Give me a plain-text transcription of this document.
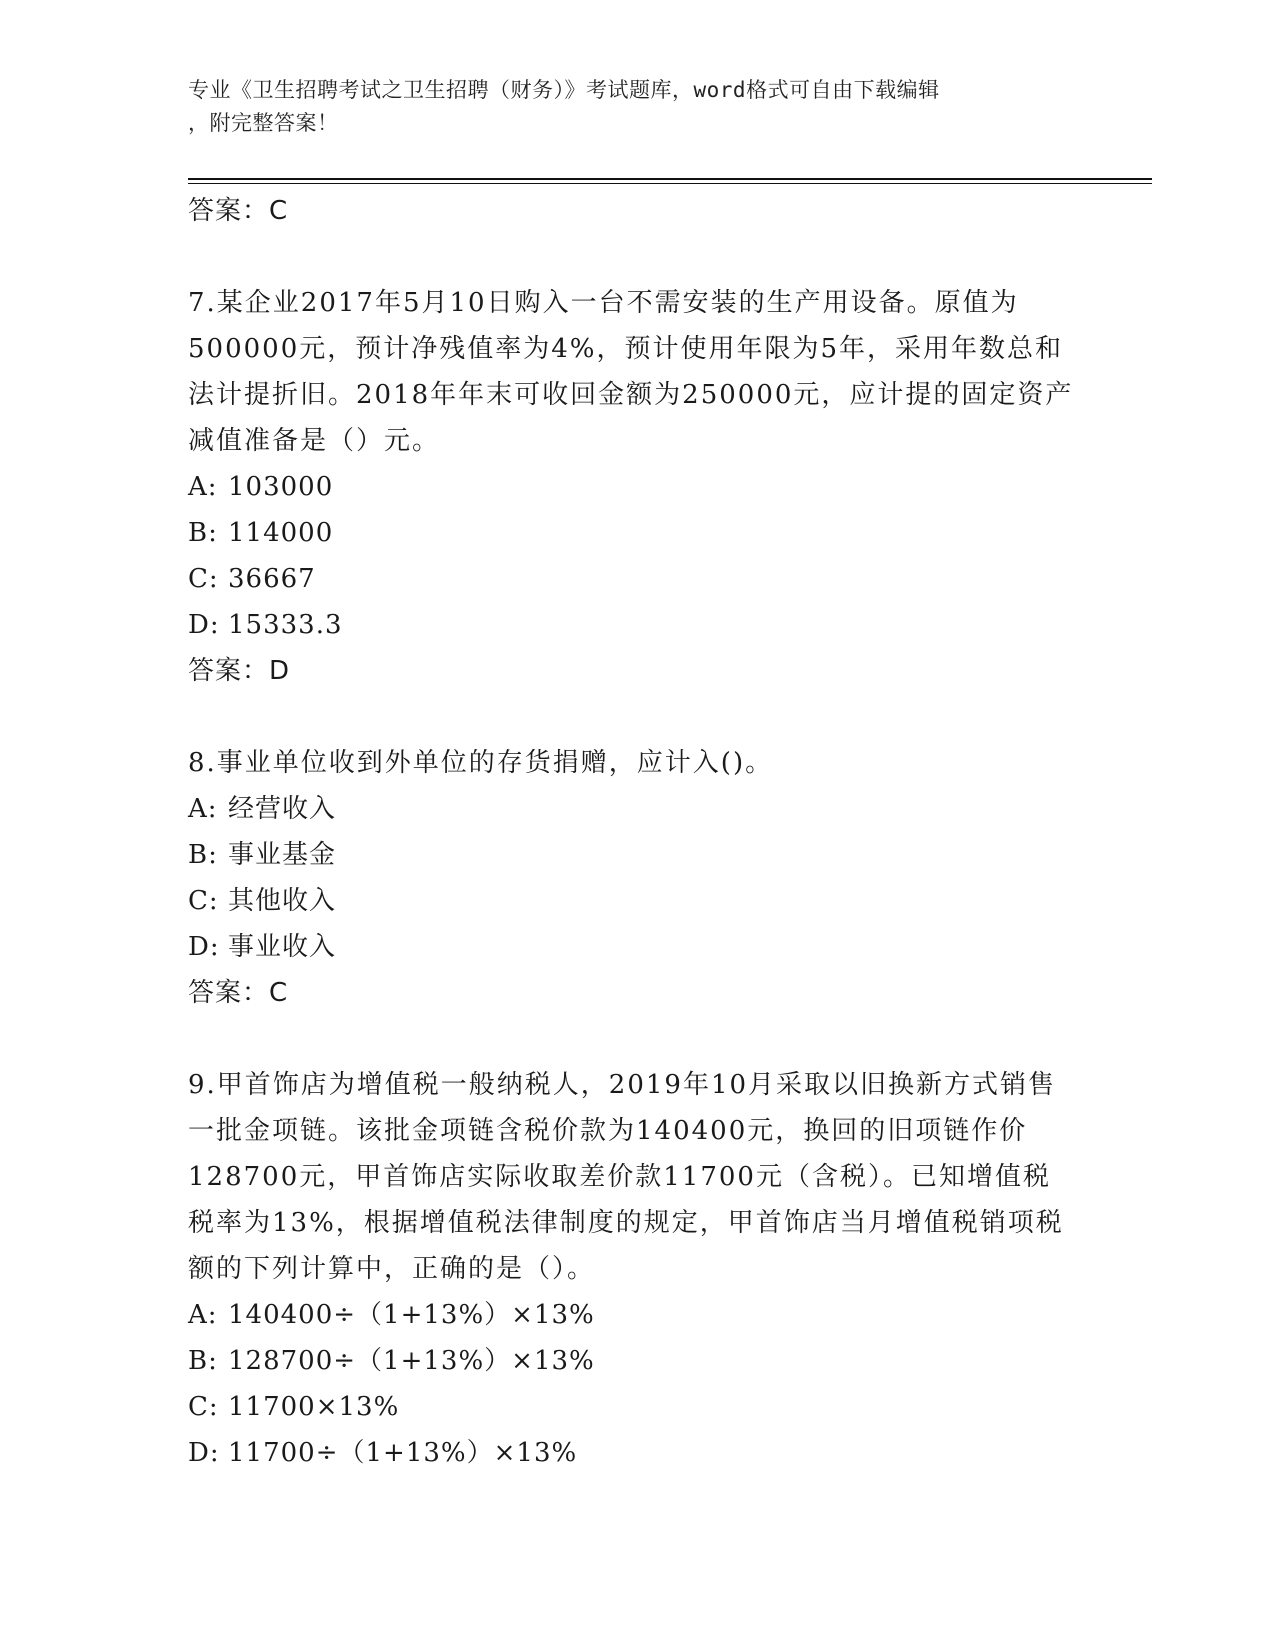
专业《卫生招聘考试之卫生招聘（财务）》考试题库，word格式可自由下载编辑
，附完整答案！
答案：C
7.某企业2017年5月10日购入一台不需安装的生产用设备。原值为
500000元，预计净残值率为4%，预计使用年限为5年，采用年数总和
法计提折旧。2018年年末可收回金额为250000元，应计提的固定资产
减值准备是（）元。
A: 103000
B: 114000
C: 36667
D: 15333.3
答案：D
8.事业单位收到外单位的存货捐赠，应计入()。
A: 经营收入
B: 事业基金
C: 其他收入
D: 事业收入
答案：C
9.甲首饰店为增值税一般纳税人，2019年10月采取以旧换新方式销售
一批金项链。该批金项链含税价款为140400元，换回的旧项链作价
128700元，甲首饰店实际收取差价款11700元（含税）。已知增值税
税率为13%，根据增值税法律制度的规定，甲首饰店当月增值税销项税
额的下列计算中，正确的是（）。
A: 140400÷（1+13%）×13%
B: 128700÷（1+13%）×13%
C: 11700×13%
D: 11700÷（1+13%）×13%
